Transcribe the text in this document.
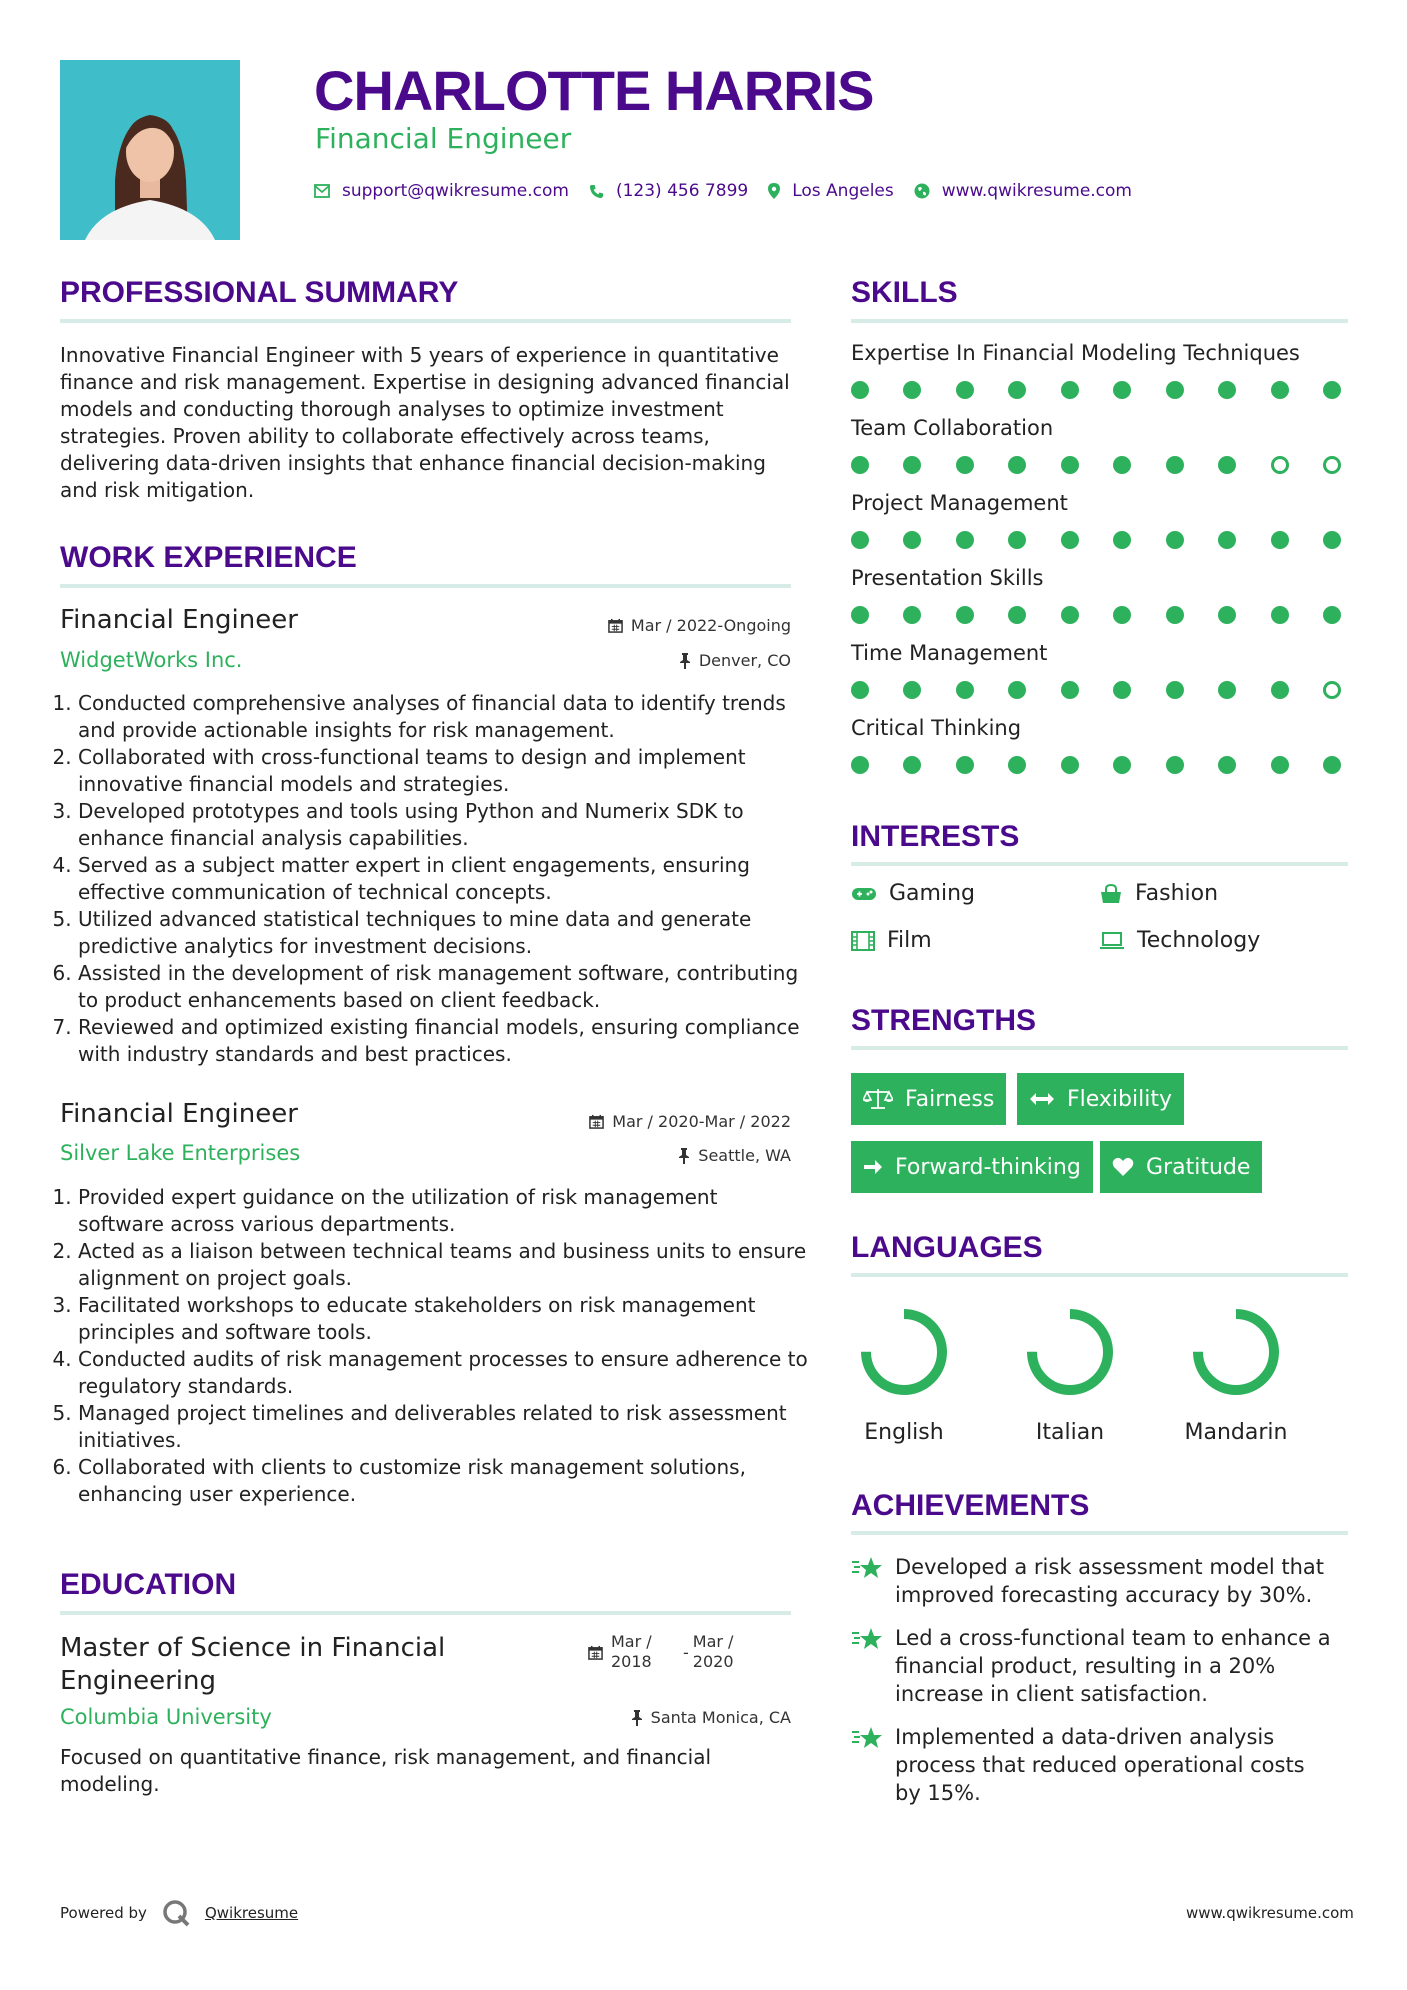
CHARLOTTE HARRIS
Financial Engineer
support@qwikresume.com	(123) 456 7899	Los Angeles	www.qwikresume.com
PROFESSIONAL SUMMARY
Innovative Financial Engineer with 5 years of experience in quantitative finance and risk management. Expertise in designing advanced financial models and conducting thorough analyses to optimize investment strategies. Proven ability to collaborate effectively across teams, delivering data-driven insights that enhance financial decision-making and risk mitigation.
WORK EXPERIENCE
Financial Engineer	Mar / 2022-Ongoing
WidgetWorks Inc.	Denver, CO
1. Conducted comprehensive analyses of financial data to identify trends and provide actionable insights for risk management.
2. Collaborated with cross-functional teams to design and implement innovative financial models and strategies.
3. Developed prototypes and tools using Python and Numerix SDK to enhance financial analysis capabilities.
4. Served as a subject matter expert in client engagements, ensuring effective communication of technical concepts.
5. Utilized advanced statistical techniques to mine data and generate predictive analytics for investment decisions.
6. Assisted in the development of risk management software, contributing to product enhancements based on client feedback.
7. Reviewed and optimized existing financial models, ensuring compliance with industry standards and best practices.
Financial Engineer	Mar / 2020-Mar / 2022
Silver Lake Enterprises	Seattle, WA
1. Provided expert guidance on the utilization of risk management software across various departments.
2. Acted as a liaison between technical teams and business units to ensure alignment on project goals.
3. Facilitated workshops to educate stakeholders on risk management principles and software tools.
4. Conducted audits of risk management processes to ensure adherence to regulatory standards.
5. Managed project timelines and deliverables related to risk assessment initiatives.
6. Collaborated with clients to customize risk management solutions, enhancing user experience.
EDUCATION
Master of Science in Financial Engineering
Mar / 2018	-
Mar / 2020
Columbia University	Santa Monica, CA
Focused on quantitative finance, risk management, and financial modeling.
SKILLS
Expertise In Financial Modeling Techniques
Team Collaboration
Project Management
Presentation Skills
Time Management
Critical Thinking
INTERESTS
Gaming	Fashion
Film	Technology
STRENGTHS
Fairness	Flexibility
Forward-thinking	Gratitude
LANGUAGES
English	Italian	Mandarin
ACHIEVEMENTS
Developed a risk assessment model that improved forecasting accuracy by 30%.
Led a cross-functional team to enhance a financial product, resulting in a 20% increase in client satisfaction.
Implemented a data-driven analysis process that reduced operational costs by 15%.
Powered by	Qwikresume	www.qwikresume.com
